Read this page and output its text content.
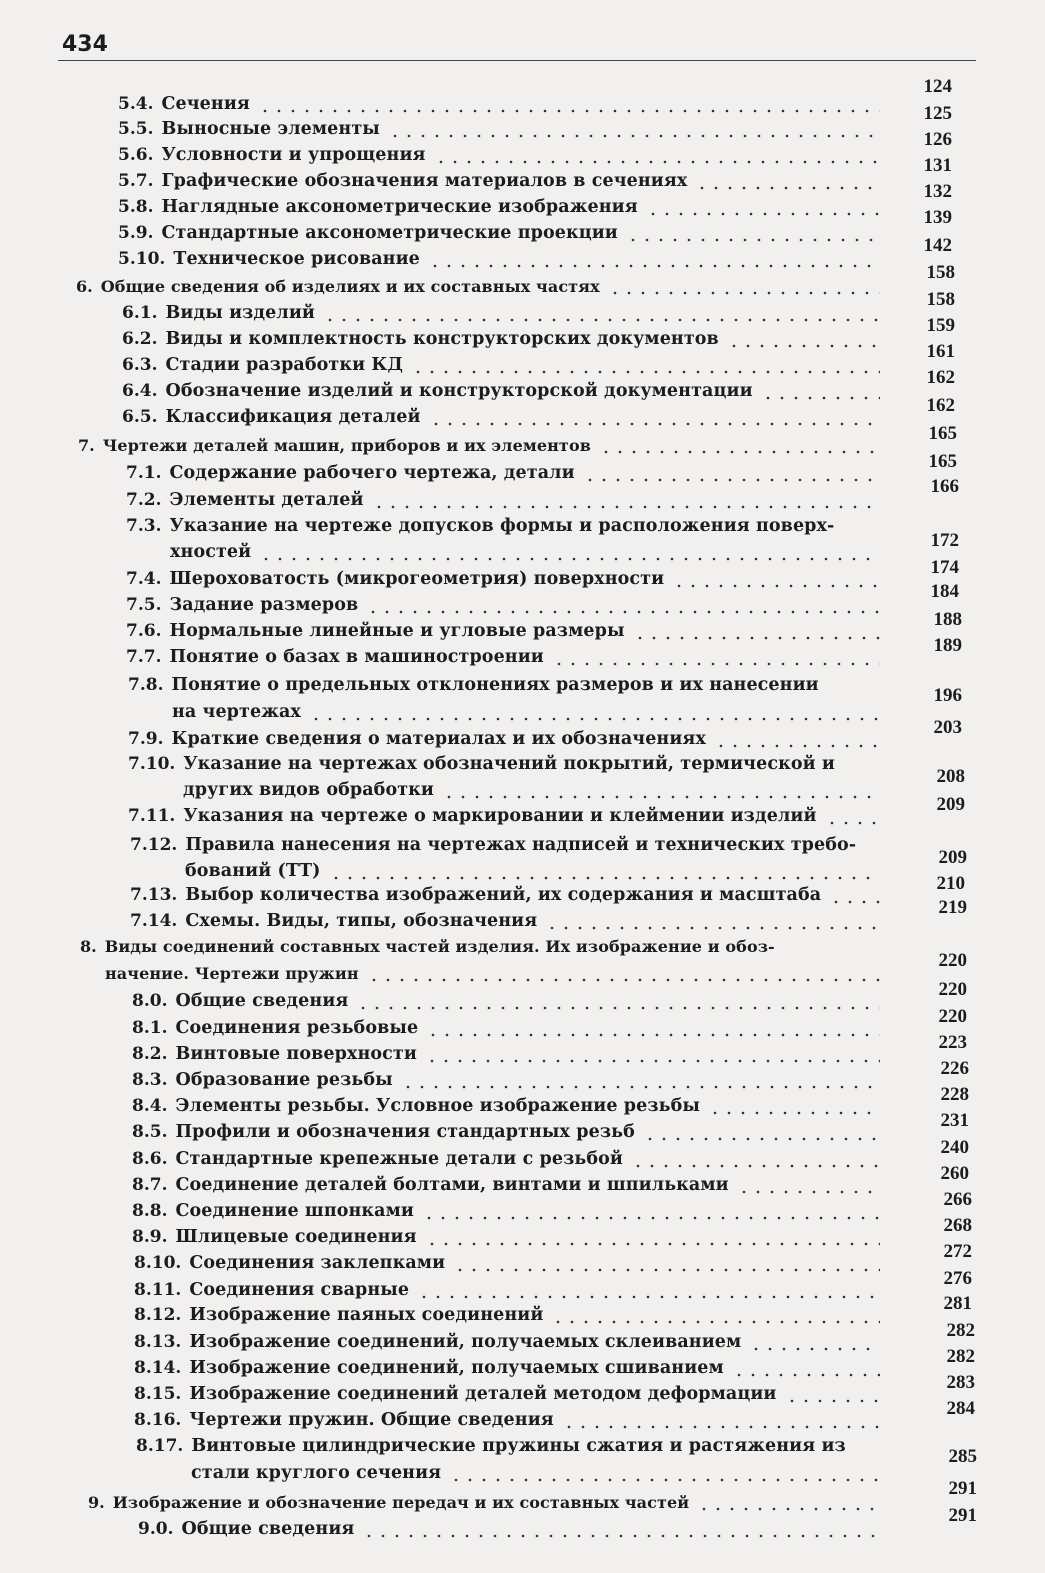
434
5.4. Сечения
124
5.5. Выносные элементы
125
5.6. Условности и упрощения
126
5.7. Графические обозначения материалов в сечениях
131
5.8. Наглядные аксонометрические изображения
132
5.9. Стандартные аксонометрические проекции
139
5.10. Техническое рисование
142
6. Общие сведения об изделиях и их составных частях
158
6.1. Виды изделий
158
6.2. Виды и комплектность конструкторских документов
159
6.3. Стадии разработки КД
161
6.4. Обозначение изделий и конструкторской документации
162
6.5. Классификация деталей
162
7. Чертежи деталей машин, приборов и их элементов
165
7.1. Содержание рабочего чертежа, детали
165
7.2. Элементы деталей
166
7.3. Указание на чертеже допусков формы и расположения поверх-
хностей
172
7.4. Шероховатость (микрогеометрия) поверхности
174
7.5. Задание размеров
184
7.6. Нормальные линейные и угловые размеры
188
7.7. Понятие о базах в машиностроении
189
7.8. Понятие о предельных отклонениях размеров и их нанесении
на чертежах
196
7.9. Краткие сведения о материалах и их обозначениях
203
7.10. Указание на чертежах обозначений покрытий, термической и
других видов обработки
208
7.11. Указания на чертеже о маркировании и клеймении изделий
209
7.12. Правила нанесения на чертежах надписей и технических требо-
бований (ТТ)
209
7.13. Выбор количества изображений, их содержания и масштаба
210
7.14. Схемы. Виды, типы, обозначения
219
8. Виды соединений составных частей изделия. Их изображение и обоз-
начение. Чертежи пружин
220
8.0. Общие сведения
220
8.1. Соединения резьбовые
220
8.2. Винтовые поверхности
223
8.3. Образование резьбы
226
8.4. Элементы резьбы. Условное изображение резьбы
228
8.5. Профили и обозначения стандартных резьб
231
8.6. Стандартные крепежные детали с резьбой
240
8.7. Соединение деталей болтами, винтами и шпильками
260
8.8. Соединение шпонками
266
8.9. Шлицевые соединения
268
8.10. Соединения заклепками
272
8.11. Соединения сварные
276
8.12. Изображение паяных соединений
281
8.13. Изображение соединений, получаемых склеиванием
282
8.14. Изображение соединений, получаемых сшиванием
282
8.15. Изображение соединений деталей методом деформации
283
8.16. Чертежи пружин. Общие сведения
284
8.17. Винтовые цилиндрические пружины сжатия и растяжения из
стали круглого сечения
285
9. Изображение и обозначение передач и их составных частей
291
9.0. Общие сведения
291
